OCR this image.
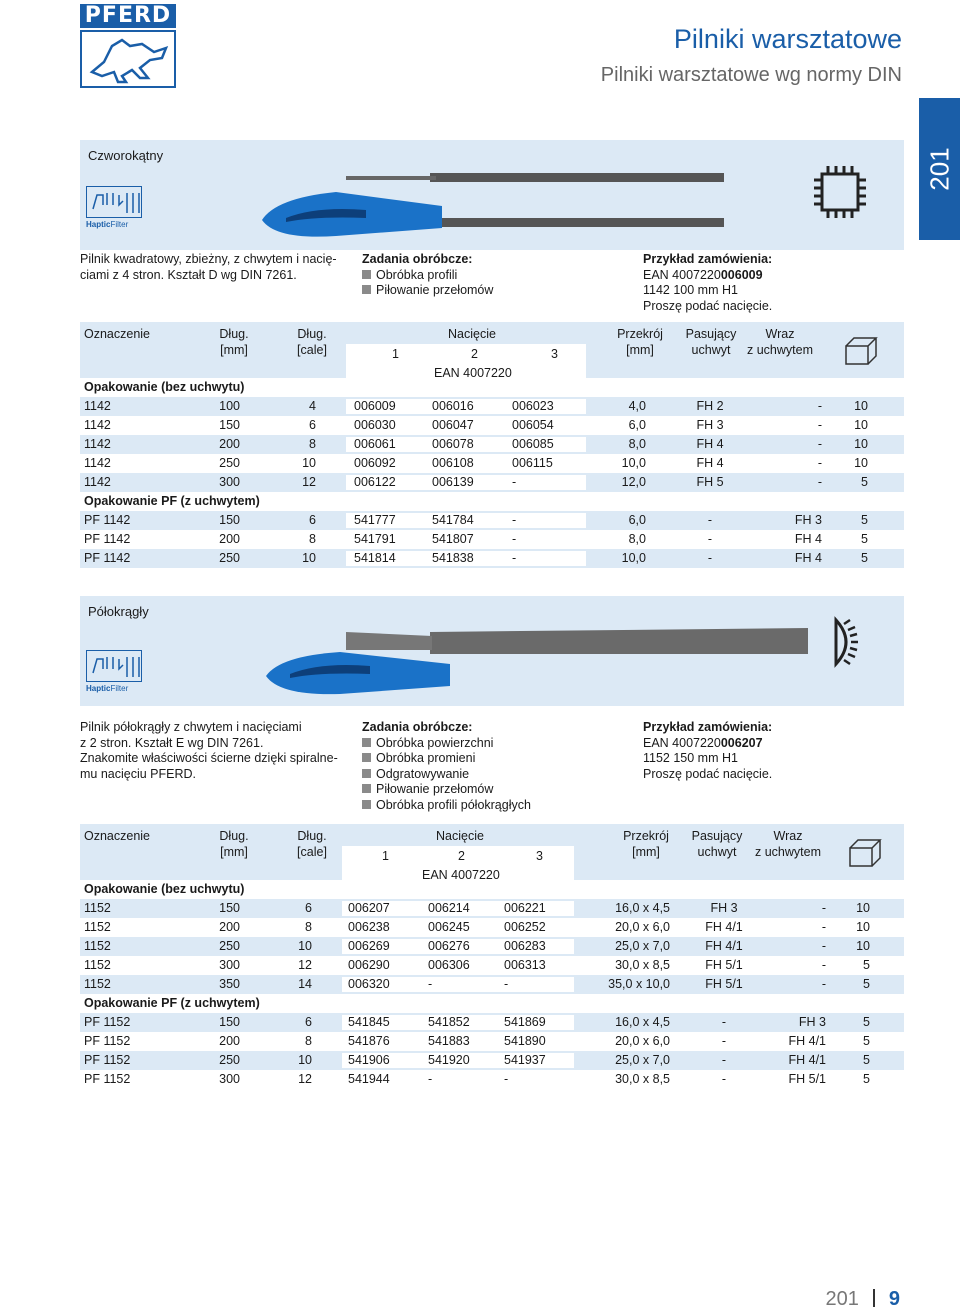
PFERD
Pilniki warsztatowe
Pilniki warsztatowe wg normy DIN
201
Czworokątny
HapticFilter
Pilnik kwadratowy, zbieżny, z chwytem i nacię-
ciami z 4 stron. Kształt D wg DIN 7261.
Zadania obróbcze:
Obróbka profili
Piłowanie przełomów
Przykład zamówienia:
EAN 4007220006009
1142 100 mm H1
Proszę podać nacięcie.
Oznaczenie	Dług.
[mm]
Dług.
[cale]
Nacięcie
1	2	3
EAN 4007220
Przekrój
[mm]
Pasujący
uchwyt
Wraz
z uchwytem
Opakowanie (bez uchwytu)
1142	100	4	006009	006016	006023	4,0	FH 2	-	10
1142	150	6	006030	006047	006054	6,0	FH 3	-	10
1142	200	8	006061	006078	006085	8,0	FH 4	-	10
1142	250	10	006092	006108	006115	10,0	FH 4	-	10
1142	300	12	006122	006139	-	12,0	FH 5	-	5
Opakowanie PF (z uchwytem)
PF 1142	150	6	541777	541784	-	6,0	-	FH 3	5
PF 1142	200	8	541791	541807	-	8,0	-	FH 4	5
PF 1142	250	10	541814	541838	-	10,0	-	FH 4	5
Półokrągły
HapticFilter
Pilnik półokrągły z chwytem i nacięciami
z 2 stron. Kształt E wg DIN 7261.
Znakomite właściwości ścierne dzięki spiralne-
mu nacięciu PFERD.
Zadania obróbcze:
Obróbka powierzchni
Obróbka promieni
Odgratowywanie
Piłowanie przełomów
Obróbka profili półokrągłych
Przykład zamówienia:
EAN 4007220006207
1152 150 mm H1
Proszę podać nacięcie.
Oznaczenie	Dług.
[mm]
Dług.
[cale]
Nacięcie
1	2	3
EAN 4007220
Przekrój
[mm]
Pasujący
uchwyt
Wraz
z uchwytem
Opakowanie (bez uchwytu)
1152	150	6	006207	006214	006221	16,0 x 4,5	FH 3	- 10
1152	200	8	006238	006245	006252	20,0 x 6,0	FH 4/1	- 10
1152	250	10	006269	006276	006283	25,0 x 7,0	FH 4/1	- 10
1152	300	12	006290	006306	006313	30,0 x 8,5	FH 5/1	-	5
1152	350	14	006320	-	-	35,0 x 10,0	FH 5/1	-	5
Opakowanie PF (z uchwytem)
PF 1152	150	6	541845	541852	541869	16,0 x 4,5	-	FH 3	5
PF 1152	200	8	541876	541883	541890	20,0 x 6,0	-	FH 4/1	5
PF 1152	250	10	541906	541920	541937	25,0 x 7,0	-	FH 4/1	5
PF 1152	300	12	541944	-	-	30,0 x 8,5	-	FH 5/1	5
201 9
